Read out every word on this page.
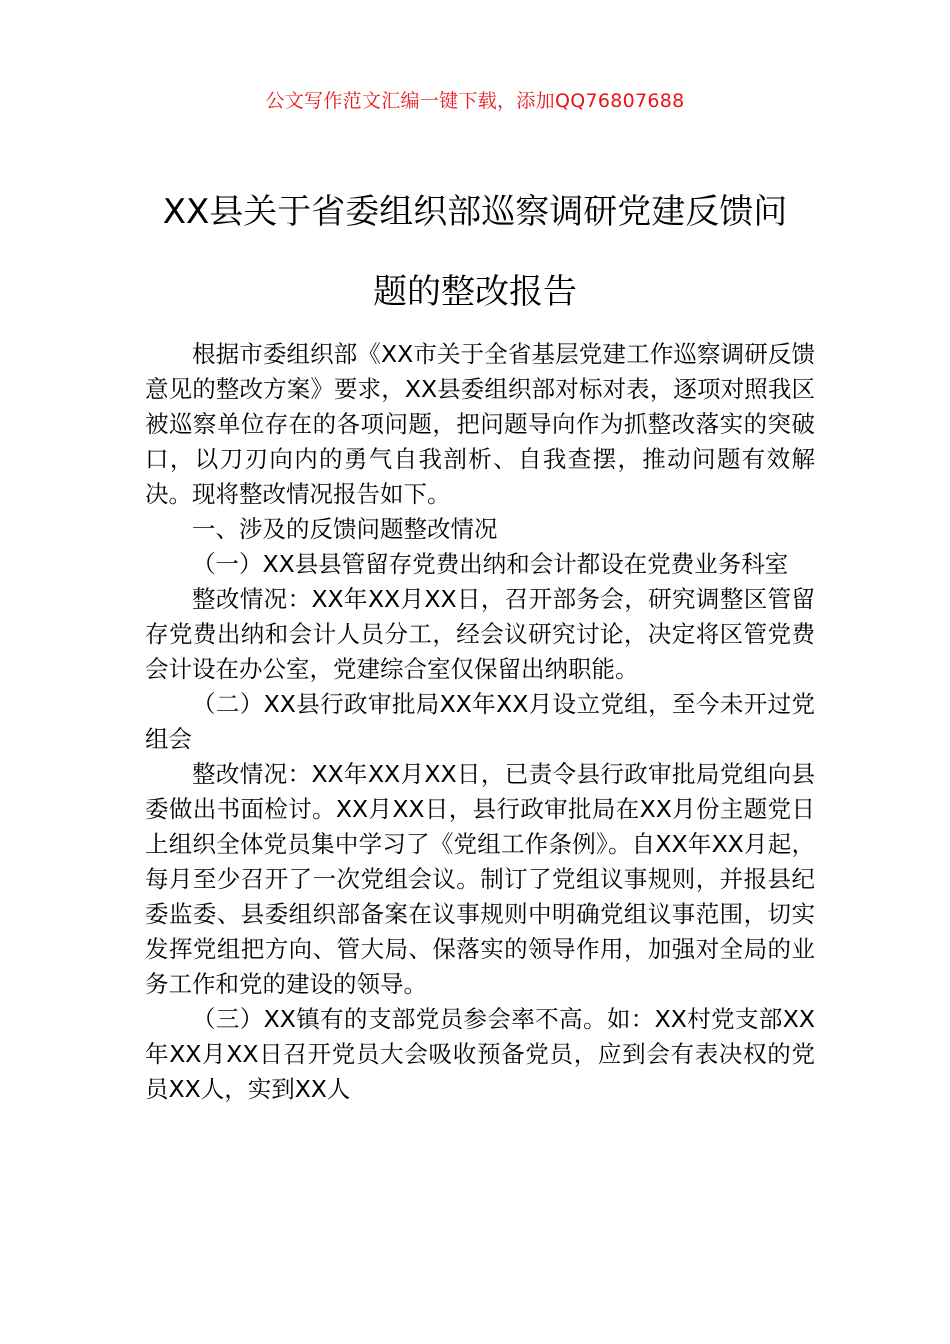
公文写作范文汇编一键下载，添加QQ76807688
XX县关于省委组织部巡察调研党建反馈问
题的整改报告

根据市委组织部《XX市关于全省基层党建工作巡察调研反馈意见的整改方案》要求，XX县委组织部对标对表，逐项对照我区被巡察单位存在的各项问题，把问题导向作为抓整改落实的突破口，以刀刃向内的勇气自我剖析、自我查摆，推动问题有效解决。现将整改情况报告如下。

一、涉及的反馈问题整改情况

（一）XX县县管留存党费出纳和会计都设在党费业务科室

整改情况：XX年XX月XX日，召开部务会，研究调整区管留存党费出纳和会计人员分工，经会议研究讨论，决定将区管党费会计设在办公室，党建综合室仅保留出纳职能。

（二）XX县行政审批局XX年XX月设立党组，至今未开过党组会

整改情况：XX年XX月XX日，已责令县行政审批局党组向县委做出书面检讨。XX月XX日，县行政审批局在XX月份主题党日上组织全体党员集中学习了《党组工作条例》。自XX年XX月起，每月至少召开了一次党组会议。制订了党组议事规则，并报县纪委监委、县委组织部备案在议事规则中明确党组议事范围，切实发挥党组把方向、管大局、保落实的领导作用，加强对全局的业务工作和党的建设的领导。

（三）XX镇有的支部党员参会率不高。如：XX村党支部XX年XX月XX日召开党员大会吸收预备党员，应到会有表决权的党员XX人，实到XX人
